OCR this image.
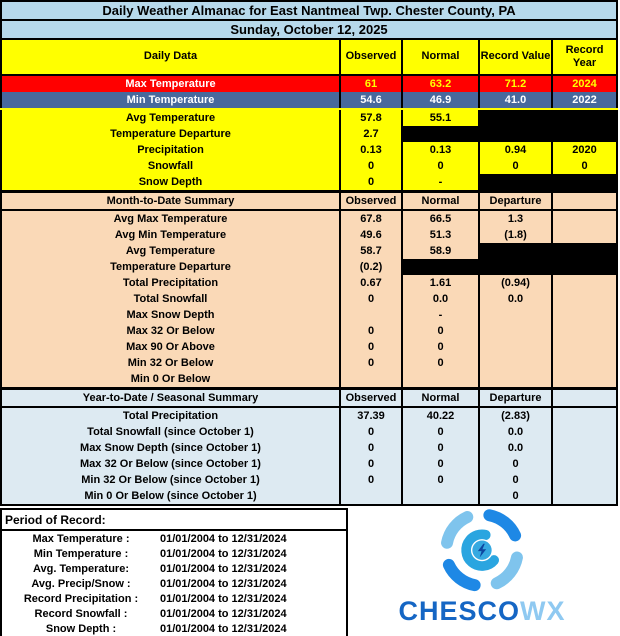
Daily Weather Almanac for East Nantmeal Twp. Chester County, PA				
Sunday, October 12, 2025				
Daily Data	Observed	Normal	Record Value	Record Year
Max Temperature	61	63.2	71.2	2024
Min Temperature	54.6	46.9	41.0	2022
Avg Temperature	57.8	55.1		
Temperature Departure	2.7			
Precipitation	0.13	0.13	0.94	2020
Snowfall	0	0	0	0
Snow Depth	0	-		
Month-to-Date Summary	Observed	Normal	Departure	
Avg Max Temperature	67.8	66.5	1.3	
Avg Min Temperature	49.6	51.3	(1.8)	
Avg Temperature	58.7	58.9		
Temperature Departure	(0.2)			
Total Precipitation	0.67	1.61	(0.94)	
Total Snowfall	0	0.0	0.0	
Max Snow Depth		-		
Max 32 Or Below	0	0		
Max 90 Or Above	0	0		
Min 32 Or Below	0	0		
Min 0 Or Below				
Year-to-Date / Seasonal Summary	Observed	Normal	Departure	
Total Precipitation	37.39	40.22	(2.83)	
Total Snowfall (since October 1)	0	0	0.0	
Max Snow Depth (since October 1)	0	0	0.0	
Max 32 Or Below (since October 1)	0	0	0	
Min 32 Or Below (since October 1)	0	0	0	
Min 0 Or Below (since October 1)			0	
Period of Record:
Max Temperature :	01/01/2004 to 12/31/2024
Min Temperature :	01/01/2004 to 12/31/2024
Avg. Temperature:	01/01/2004 to 12/31/2024
Avg. Precip/Snow :	01/01/2004 to 12/31/2024
Record Precipitation :	01/01/2004 to 12/31/2024
Record Snowfall :	01/01/2004 to 12/31/2024
Snow Depth :	01/01/2004 to 12/31/2024
CHESCOWX
